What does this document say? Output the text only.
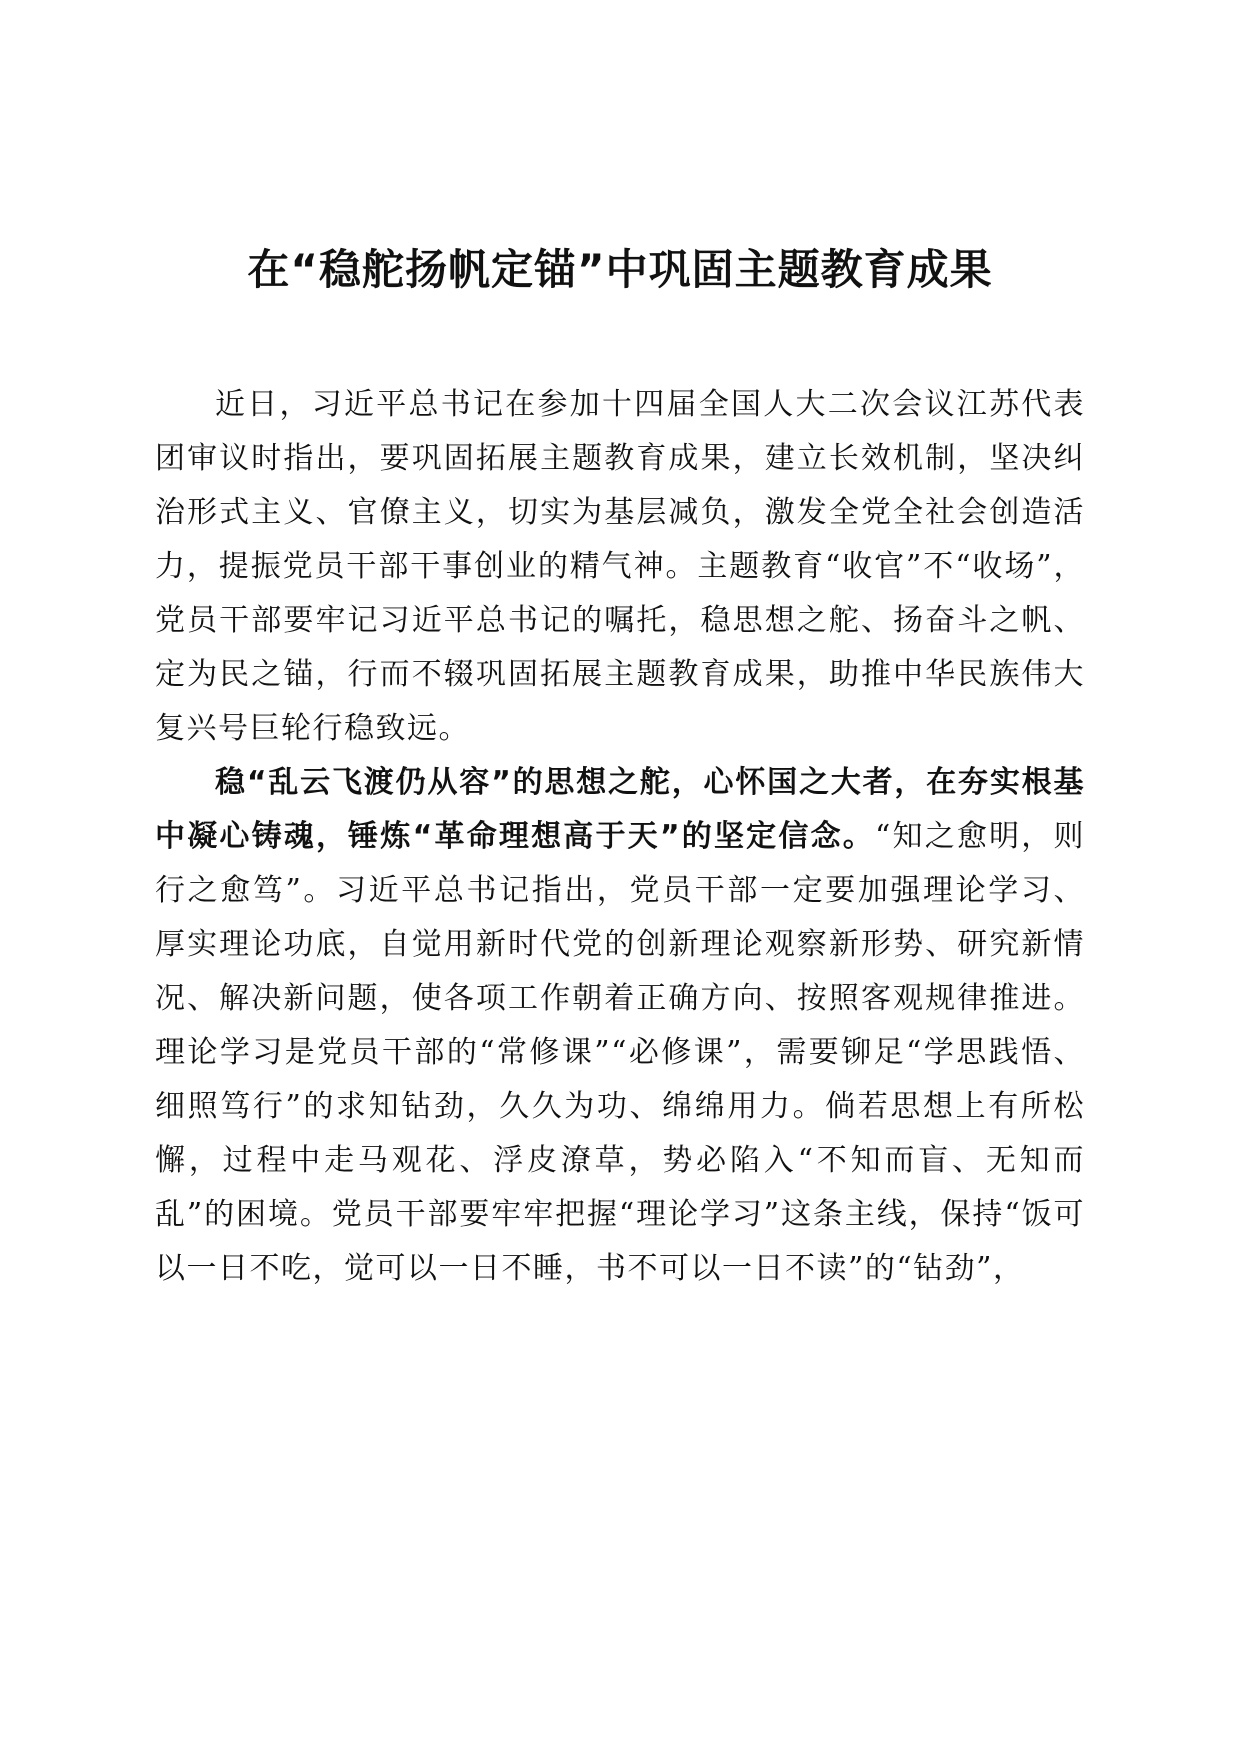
在“稳舵扬帆定锚”中巩固主题教育成果

近日，习近平总书记在参加十四届全国人大二次会议江苏代表团审议时指出，要巩固拓展主题教育成果，建立长效机制，坚决纠治形式主义、官僚主义，切实为基层减负，激发全党全社会创造活力，提振党员干部干事创业的精气神。主题教育“收官”不“收场”，党员干部要牢记习近平总书记的嘱托，稳思想之舵、扬奋斗之帆、定为民之锚，行而不辍巩固拓展主题教育成果，助推中华民族伟大复兴号巨轮行稳致远。

稳“乱云飞渡仍从容”的思想之舵，心怀国之大者，在夯实根基中凝心铸魂，锤炼“革命理想高于天”的坚定信念。“知之愈明，则行之愈笃”。习近平总书记指出，党员干部一定要加强理论学习、厚实理论功底，自觉用新时代党的创新理论观察新形势、研究新情况、解决新问题，使各项工作朝着正确方向、按照客观规律推进。理论学习是党员干部的“常修课”“必修课”，需要铆足“学思践悟、细照笃行”的求知钻劲，久久为功、绵绵用力。倘若思想上有所松懈，过程中走马观花、浮皮潦草，势必陷入“不知而盲、无知而乱”的困境。党员干部要牢牢把握“理论学习”这条主线，保持“饭可以一日不吃，觉可以一日不睡，书不可以一日不读”的“钻劲”，
